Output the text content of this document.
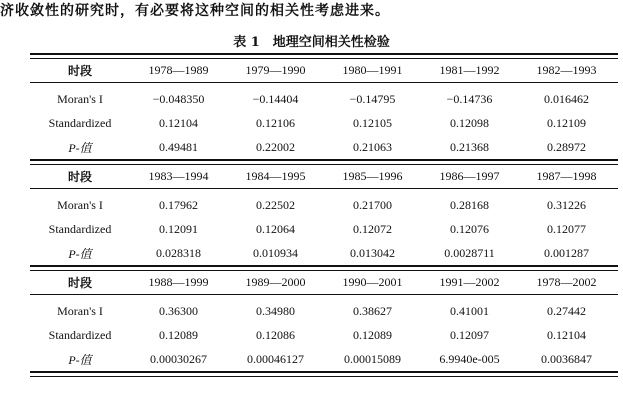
济收敛性的研究时，有必要将这种空间的相关性考虑进来。
表 1　地理空间相关性检验
时段	1978—1989	1979—1990	1980—1991	1981—1992	1982—1993
Moran's I	−0.048350	−0.14404	−0.14795	−0.14736	0.016462
Standardized	0.12104	0.12106	0.12105	0.12098	0.12109
P-值	0.49481	0.22002	0.21063	0.21368	0.28972
时段	1983—1994	1984—1995	1985—1996	1986—1997	1987—1998
Moran's I	0.17962	0.22502	0.21700	0.28168	0.31226
Standardized	0.12091	0.12064	0.12072	0.12076	0.12077
P-值	0.028318	0.010934	0.013042	0.0028711	0.001287
时段	1988—1999	1989—2000	1990—2001	1991—2002	1978—2002
Moran's I	0.36300	0.34980	0.38627	0.41001	0.27442
Standardized	0.12089	0.12086	0.12089	0.12097	0.12104
P-值	0.00030267	0.00046127	0.00015089	6.9940e-005	0.0036847
